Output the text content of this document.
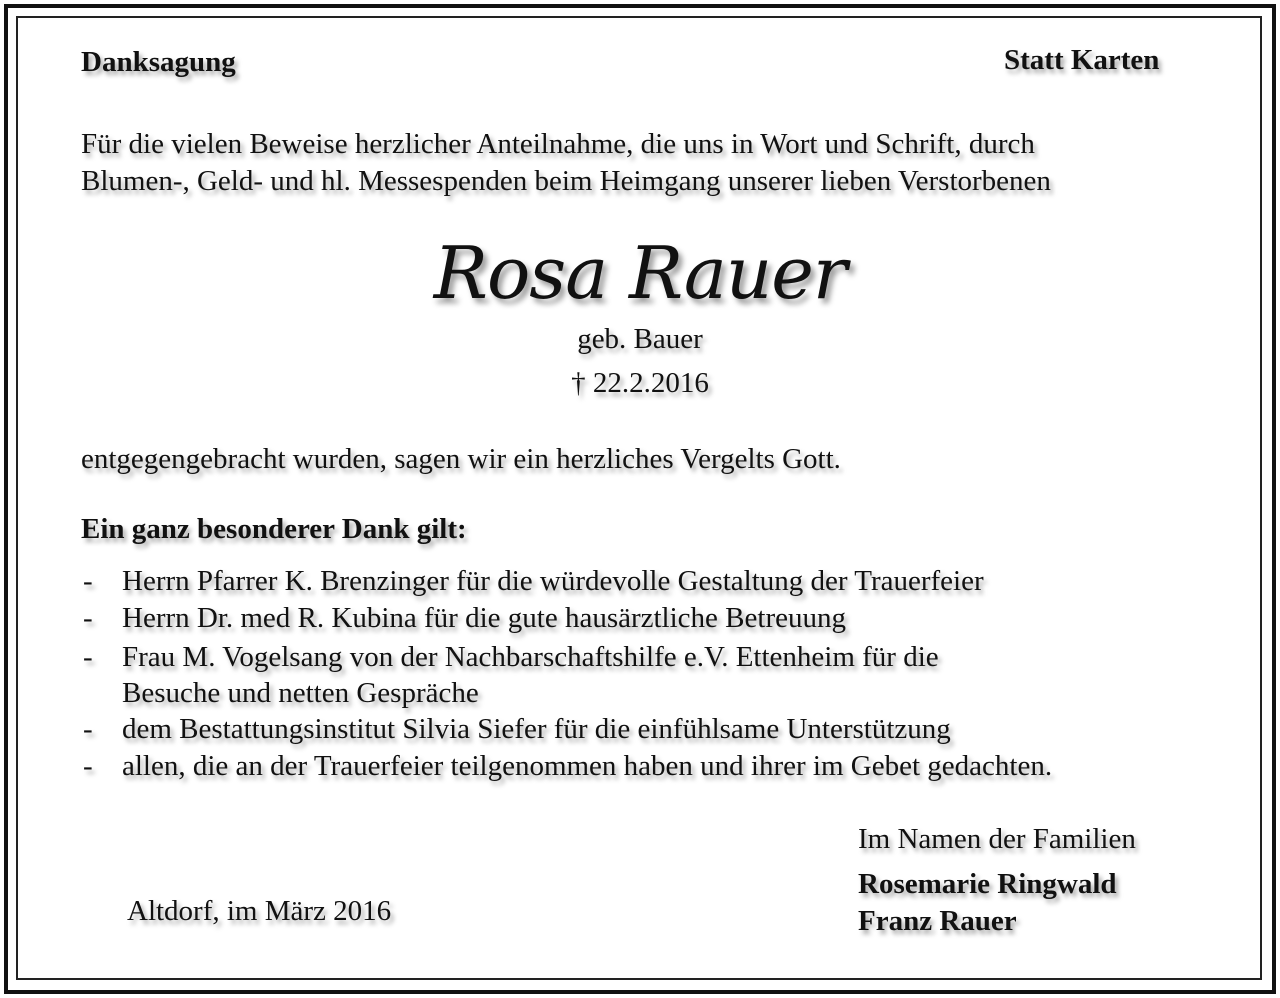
Danksagung	Statt Karten
Für die vielen Beweise herzlicher Anteilnahme, die uns in Wort und Schrift, durch
Blumen-, Geld- und hl. Messespenden beim Heimgang unserer lieben Verstorbenen
Rosa Rauer
geb. Bauer
† 22.2.2016
entgegengebracht wurden, sagen wir ein herzliches Vergelts Gott.
Ein ganz besonderer Dank gilt:
- Herrn Pfarrer K. Brenzinger für die würdevolle Gestaltung der Trauerfeier
- Herrn Dr. med R. Kubina für die gute hausärztliche Betreuung
- Frau M. Vogelsang von der Nachbarschaftshilfe e.V. Ettenheim für die
Besuche und netten Gespräche
- dem Bestattungsinstitut Silvia Siefer für die einfühlsame Unterstützung
- allen, die an der Trauerfeier teilgenommen haben und ihrer im Gebet gedachten.
Im Namen der Familien
Rosemarie Ringwald
Franz Rauer
Altdorf, im März 2016
